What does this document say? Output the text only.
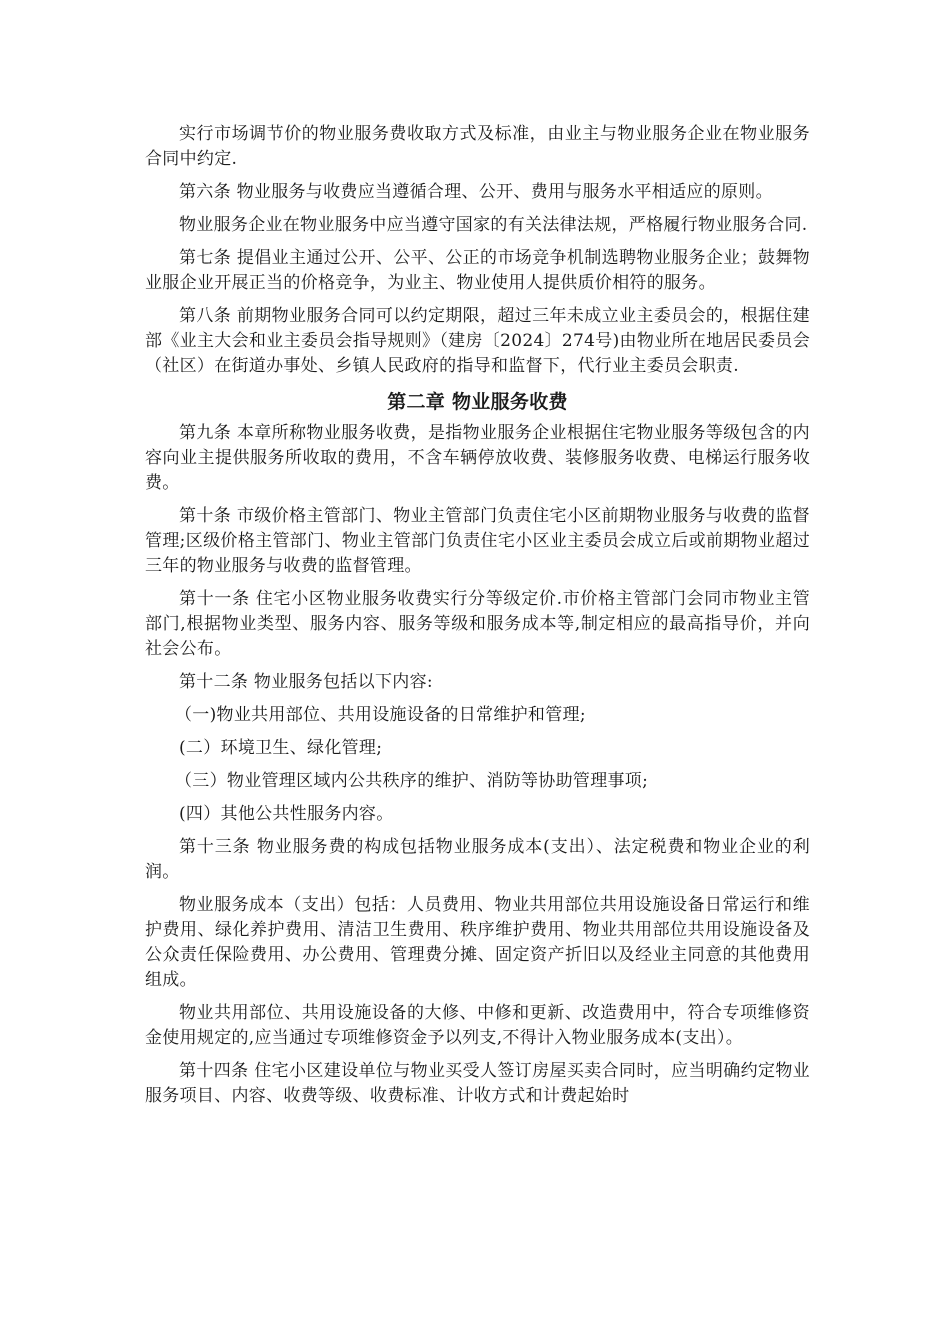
实行市场调节价的物业服务费收取方式及标准，由业主与物业服务企业在物业服务合同中约定.

第六条 物业服务与收费应当遵循合理、公开、费用与服务水平相适应的原则。

物业服务企业在物业服务中应当遵守国家的有关法律法规，严格履行物业服务合同.

第七条 提倡业主通过公开、公平、公正的市场竞争机制选聘物业服务企业；鼓舞物业服企业开展正当的价格竞争，为业主、物业使用人提供质价相符的服务。

第八条 前期物业服务合同可以约定期限，超过三年未成立业主委员会的，根据住建部《业主大会和业主委员会指导规则》（建房〔2024〕274号)由物业所在地居民委员会（社区）在街道办事处、乡镇人民政府的指导和监督下，代行业主委员会职责.

第二章 物业服务收费

第九条 本章所称物业服务收费，是指物业服务企业根据住宅物业服务等级包含的内容向业主提供服务所收取的费用，不含车辆停放收费、装修服务收费、电梯运行服务收费。

第十条 市级价格主管部门、物业主管部门负责住宅小区前期物业服务与收费的监督管理;区级价格主管部门、物业主管部门负责住宅小区业主委员会成立后或前期物业超过三年的物业服务与收费的监督管理。

第十一条 住宅小区物业服务收费实行分等级定价.市价格主管部门会同市物业主管部门,根据物业类型、服务内容、服务等级和服务成本等,制定相应的最高指导价，并向社会公布。

第十二条 物业服务包括以下内容:

（一)物业共用部位、共用设施设备的日常维护和管理;

(二）环境卫生、绿化管理;

（三）物业管理区域内公共秩序的维护、消防等协助管理事项;

(四）其他公共性服务内容。

第十三条 物业服务费的构成包括物业服务成本(支出）、法定税费和物业企业的利润。

物业服务成本（支出）包括：人员费用、物业共用部位共用设施设备日常运行和维护费用、绿化养护费用、清洁卫生费用、秩序维护费用、物业共用部位共用设施设备及公众责任保险费用、办公费用、管理费分摊、固定资产折旧以及经业主同意的其他费用组成。

物业共用部位、共用设施设备的大修、中修和更新、改造费用中，符合专项维修资金使用规定的,应当通过专项维修资金予以列支,不得计入物业服务成本(支出）。

第十四条 住宅小区建设单位与物业买受人签订房屋买卖合同时，应当明确约定物业服务项目、内容、收费等级、收费标准、计收方式和计费起始时
